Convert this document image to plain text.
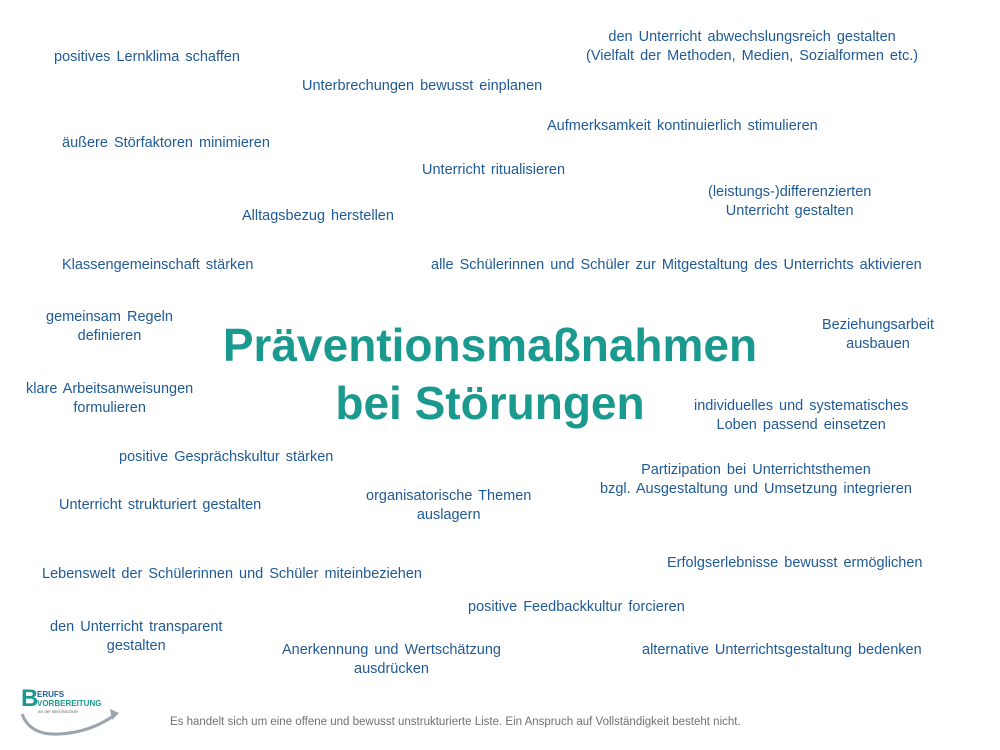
positives Lernklima schaffen
den Unterricht abwechslungsreich gestalten
(Vielfalt der Methoden, Medien, Sozialformen etc.)
Unterbrechungen bewusst einplanen
Aufmerksamkeit kontinuierlich stimulieren
äußere Störfaktoren minimieren
Unterricht ritualisieren
(leistungs-)differenzierten
Unterricht gestalten
Alltagsbezug herstellen
Klassengemeinschaft stärken	alle Schülerinnen und Schüler zur Mitgestaltung des Unterrichts aktivieren
gemeinsam Regeln
definieren
Beziehungsarbeit
ausbauen
Präventionsmaßnahmen
bei Störungen
klare Arbeitsanweisungen
formulieren	individuelles und systematisches
Loben passend einsetzen
positive Gesprächskultur stärken
Partizipation bei Unterrichtsthemen
bzgl. Ausgestaltung und Umsetzung integrieren
Unterricht strukturiert gestalten
organisatorische Themen
auslagern
Erfolgserlebnisse bewusst ermöglichen
Lebenswelt der Schülerinnen und Schüler miteinbeziehen
positive Feedbackkultur forcieren
den Unterricht transparent
gestalten	Anerkennung und Wertschätzung
ausdrücken
alternative Unterrichtsgestaltung bedenken
B
ERUFS
VORBEREITUNG
an der Berufsschule
Es handelt sich um eine offene und bewusst unstrukturierte Liste. Ein Anspruch auf Vollständigkeit besteht nicht.
